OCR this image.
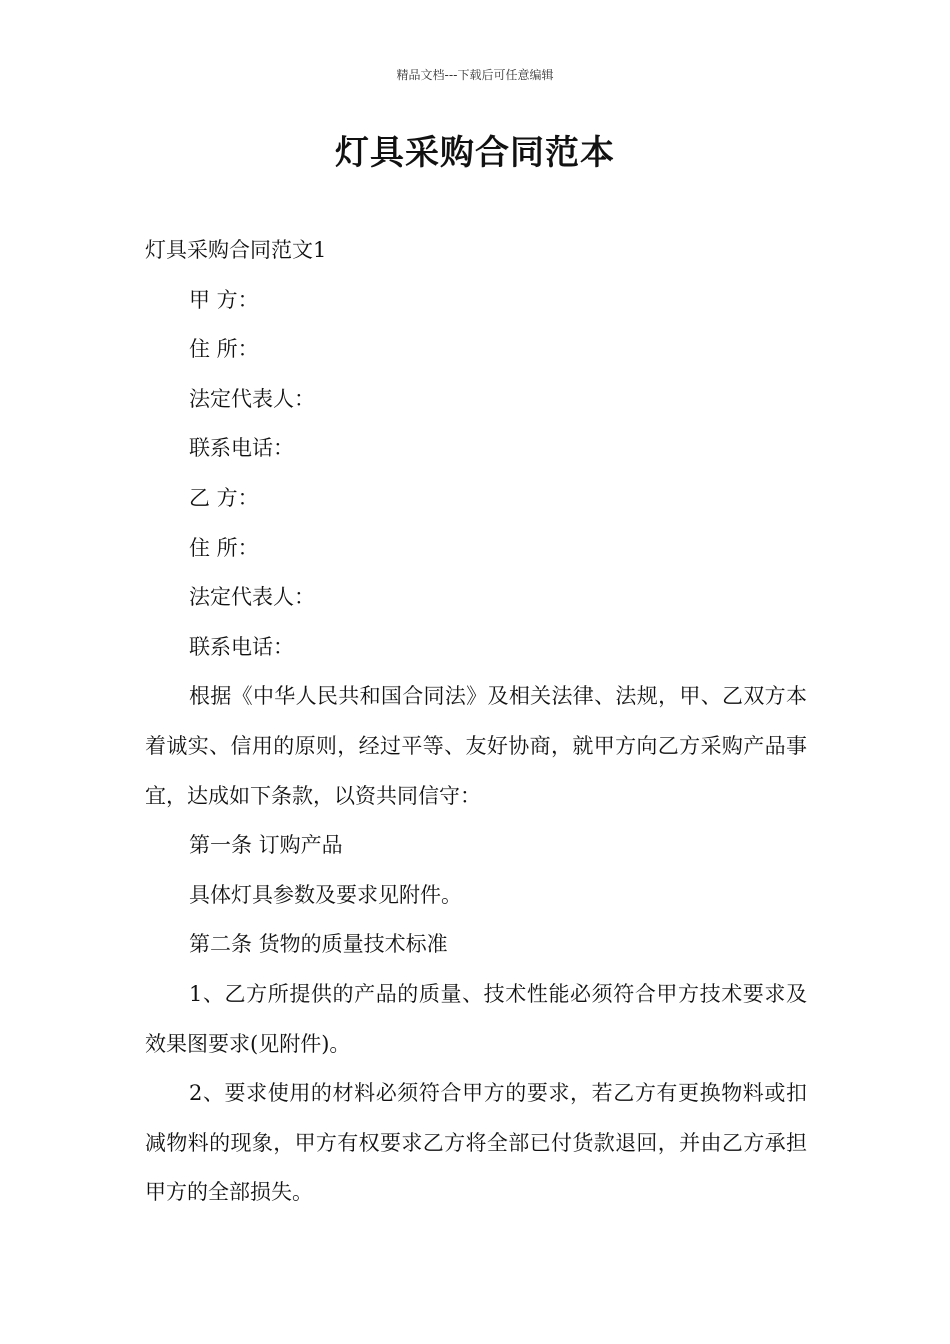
精品文档---下载后可任意编辑
灯具采购合同范本

灯具采购合同范文1

甲 方：

住 所：

法定代表人：

联系电话：

乙 方：

住 所：

法定代表人：

联系电话：

根据《中华人民共和国合同法》及相关法律、法规，甲、乙双方本着诚实、信用的原则，经过平等、友好协商，就甲方向乙方采购产品事宜，达成如下条款，以资共同信守：

第一条 订购产品

具体灯具参数及要求见附件。

第二条 货物的质量技术标准

1、乙方所提供的产品的质量、技术性能必须符合甲方技术要求及效果图要求(见附件)。

2、要求使用的材料必须符合甲方的要求，若乙方有更换物料或扣减物料的现象，甲方有权要求乙方将全部已付货款退回，并由乙方承担甲方的全部损失。
